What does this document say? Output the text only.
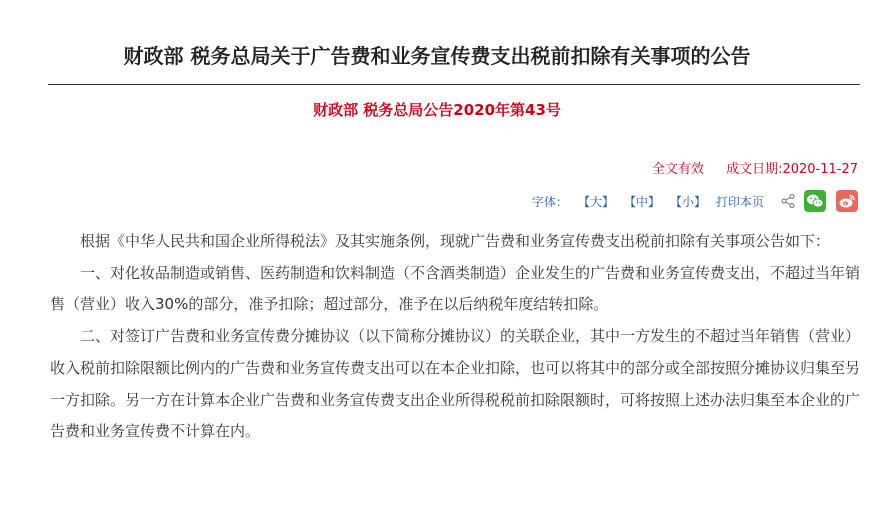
财政部 税务总局关于广告费和业务宣传费支出税前扣除有关事项的公告
财政部 税务总局公告2020年第43号
全文有效 成文日期:2020-11-27
字体： 【大】 【中】 【小】 打印本页

根据《中华人民共和国企业所得税法》及其实施条例，现就广告费和业务宣传费支出税前扣除有关事项公告如下：

一、对化妆品制造或销售、医药制造和饮料制造（不含酒类制造）企业发生的广告费和业务宣传费支出，不超过当年销售（营业）收入30%的部分，准予扣除；超过部分，准予在以后纳税年度结转扣除。

二、对签订广告费和业务宣传费分摊协议（以下简称分摊协议）的关联企业，其中一方发生的不超过当年销售（营业）收入税前扣除限额比例内的广告费和业务宣传费支出可以在本企业扣除，也可以将其中的部分或全部按照分摊协议归集至另一方扣除。另一方在计算本企业广告费和业务宣传费支出企业所得税税前扣除限额时，可将按照上述办法归集至本企业的广告费和业务宣传费不计算在内。
